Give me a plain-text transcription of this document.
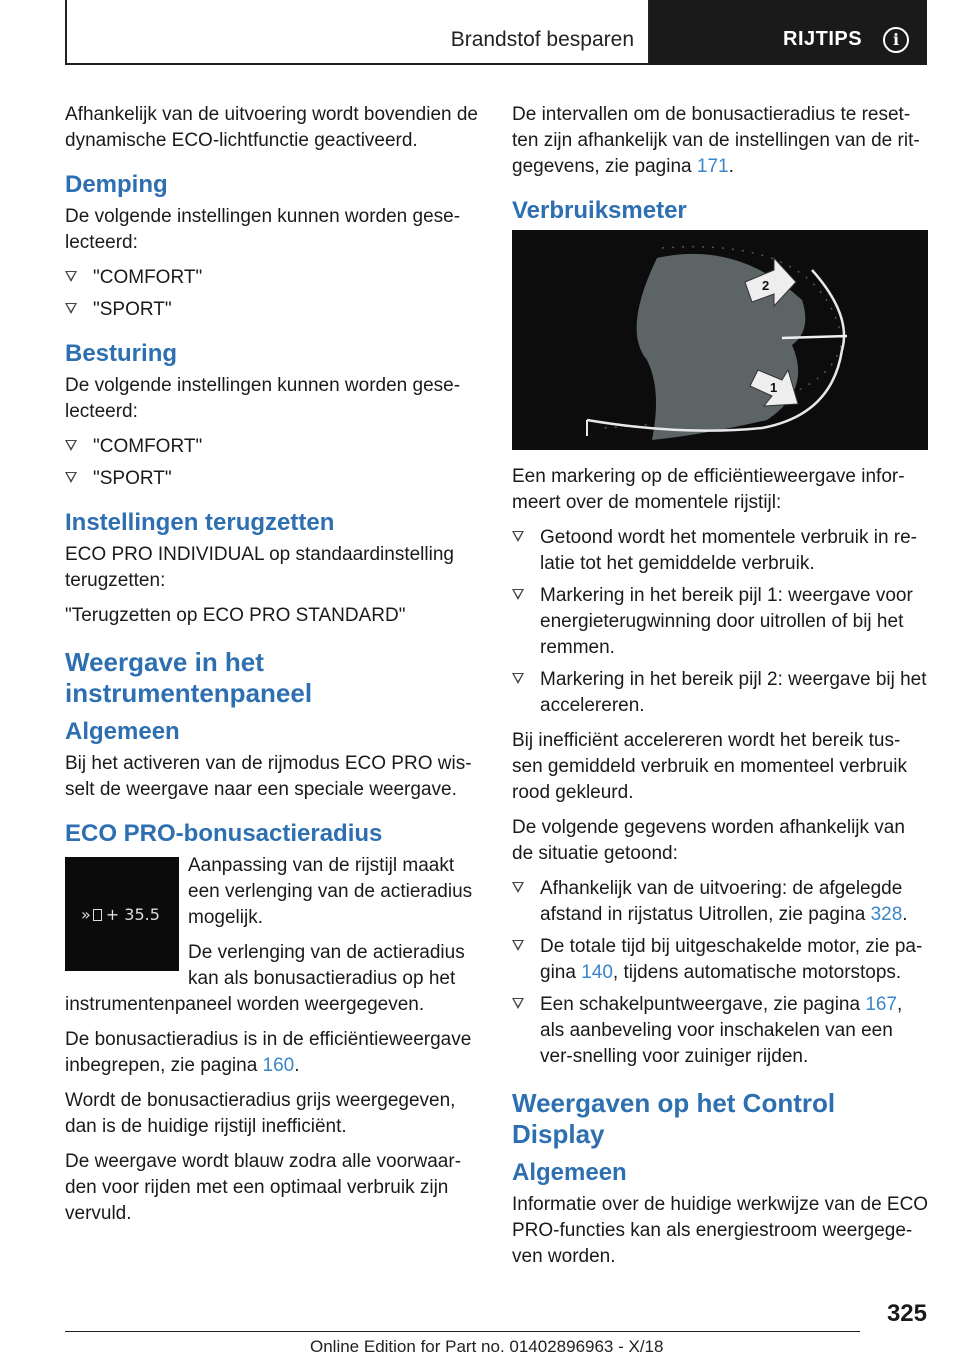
Brandstof besparen	RIJTIPS	i

Afhankelijk van de uitvoering wordt bovendien de dynamische ECO-lichtfunctie geactiveerd.

Demping

De volgende instellingen kunnen worden gese‐lecteerd:

"COMFORT"
"SPORT"
Besturing

De volgende instellingen kunnen worden gese‐lecteerd:

"COMFORT"
"SPORT"
Instellingen terugzetten

ECO PRO INDIVIDUAL op standaardinstelling terugzetten:

"Terugzetten op ECO PRO STANDARD"

Weergave in het instrumentenpaneel
Algemeen

Bij het activeren van de rijmodus ECO PRO wis‐selt de weergave naar een speciale weergave.

ECO PRO-bonusactieradius
» + 35.5

Aanpassing van de rijstijl maakt een verlenging van de actieradius mogelijk.

De verlenging van de actieradius kan als bonusactieradius op het instrumentenpaneel worden weergegeven.

De bonusactieradius is in de efficiëntieweergave inbegrepen, zie pagina 160.

Wordt de bonusactieradius grijs weergegeven, dan is de huidige rijstijl inefficiënt.

De weergave wordt blauw zodra alle voorwaar‐den voor rijden met een optimaal verbruik zijn vervuld.

De intervallen om de bonusactieradius te reset‐ten zijn afhankelijk van de instellingen van de rit‐gegevens, zie pagina 171.

Verbruiksmeter
2
1

Een markering op de efficiëntieweergave infor‐meert over de momentele rijstijl:

Getoond wordt het momentele verbruik in re‐latie tot het gemiddelde verbruik.
Markering in het bereik pijl 1: weergave voor energieterugwinning door uitrollen of bij het remmen.
Markering in het bereik pijl 2: weergave bij het accelereren.

Bij inefficiënt accelereren wordt het bereik tus‐sen gemiddeld verbruik en momenteel verbruik rood gekleurd.

De volgende gegevens worden afhankelijk van de situatie getoond:

Afhankelijk van de uitvoering: de afgelegde afstand in rijstatus Uitrollen, zie pagina 328.
De totale tijd bij uitgeschakelde motor, zie pa‐gina 140, tijdens automatische motorstops.
Een schakelpuntweergave, zie pagina 167, als aanbeveling voor inschakelen van een ver‐snelling voor zuiniger rijden.
Weergaven op het Control Display
Algemeen

Informatie over de huidige werkwijze van de ECO PRO-functies kan als energiestroom weergege‐ven worden.

325
Online Edition for Part no. 01402896963 - X/18
